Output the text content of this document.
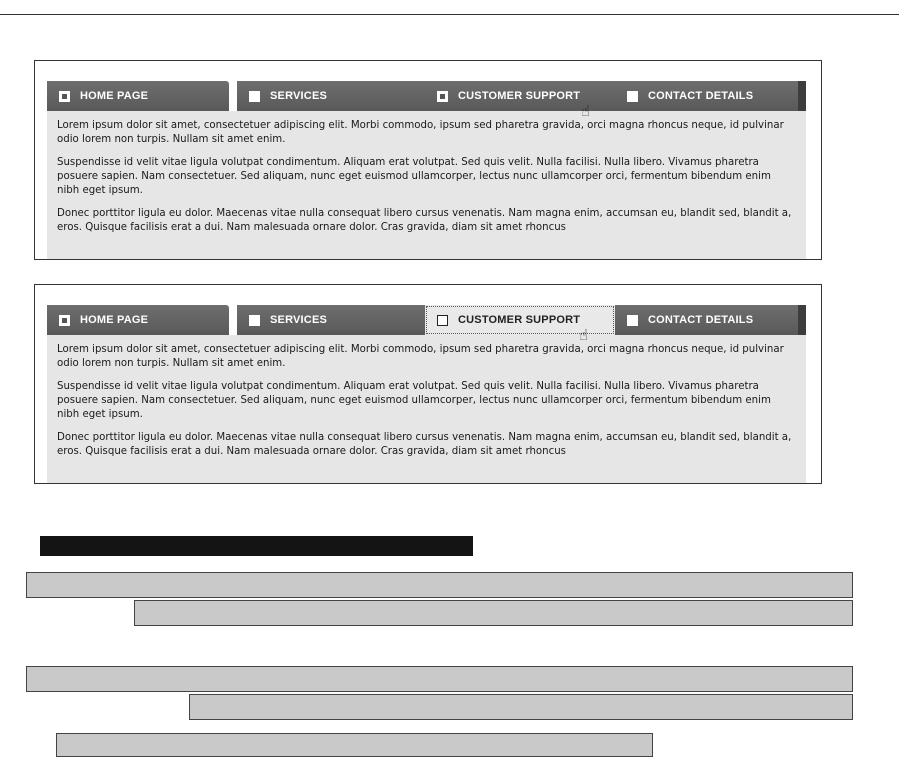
HOME PAGE	SERVICES	CUSTOMER SUPPORT	CONTACT DETAILS

Lorem ipsum dolor sit amet, consectetuer adipiscing elit. Morbi commodo, ipsum sed pharetra gravida, orci magna rhoncus neque, id pulvinar odio lorem non turpis. Nullam sit amet enim.

Suspendisse id velit vitae ligula volutpat condimentum. Aliquam erat volutpat. Sed quis velit. Nulla facilisi. Nulla libero. Vivamus pharetra posuere sapien. Nam consectetuer. Sed aliquam, nunc eget euismod ullamcorper, lectus nunc ullamcorper orci, fermentum bibendum enim nibh eget ipsum.

Donec porttitor ligula eu dolor. Maecenas vitae nulla consequat libero cursus venenatis. Nam magna enim, accumsan eu, blandit sed, blandit a, eros. Quisque facilisis erat a dui. Nam malesuada ornare dolor. Cras gravida, diam sit amet rhoncus

☝
HOME PAGE	SERVICES	CUSTOMER SUPPORT	CONTACT DETAILS

Lorem ipsum dolor sit amet, consectetuer adipiscing elit. Morbi commodo, ipsum sed pharetra gravida, orci magna rhoncus neque, id pulvinar odio lorem non turpis. Nullam sit amet enim.

Suspendisse id velit vitae ligula volutpat condimentum. Aliquam erat volutpat. Sed quis velit. Nulla facilisi. Nulla libero. Vivamus pharetra posuere sapien. Nam consectetuer. Sed aliquam, nunc eget euismod ullamcorper, lectus nunc ullamcorper orci, fermentum bibendum enim nibh eget ipsum.

Donec porttitor ligula eu dolor. Maecenas vitae nulla consequat libero cursus venenatis. Nam magna enim, accumsan eu, blandit sed, blandit a, eros. Quisque facilisis erat a dui. Nam malesuada ornare dolor. Cras gravida, diam sit amet rhoncus

☝
